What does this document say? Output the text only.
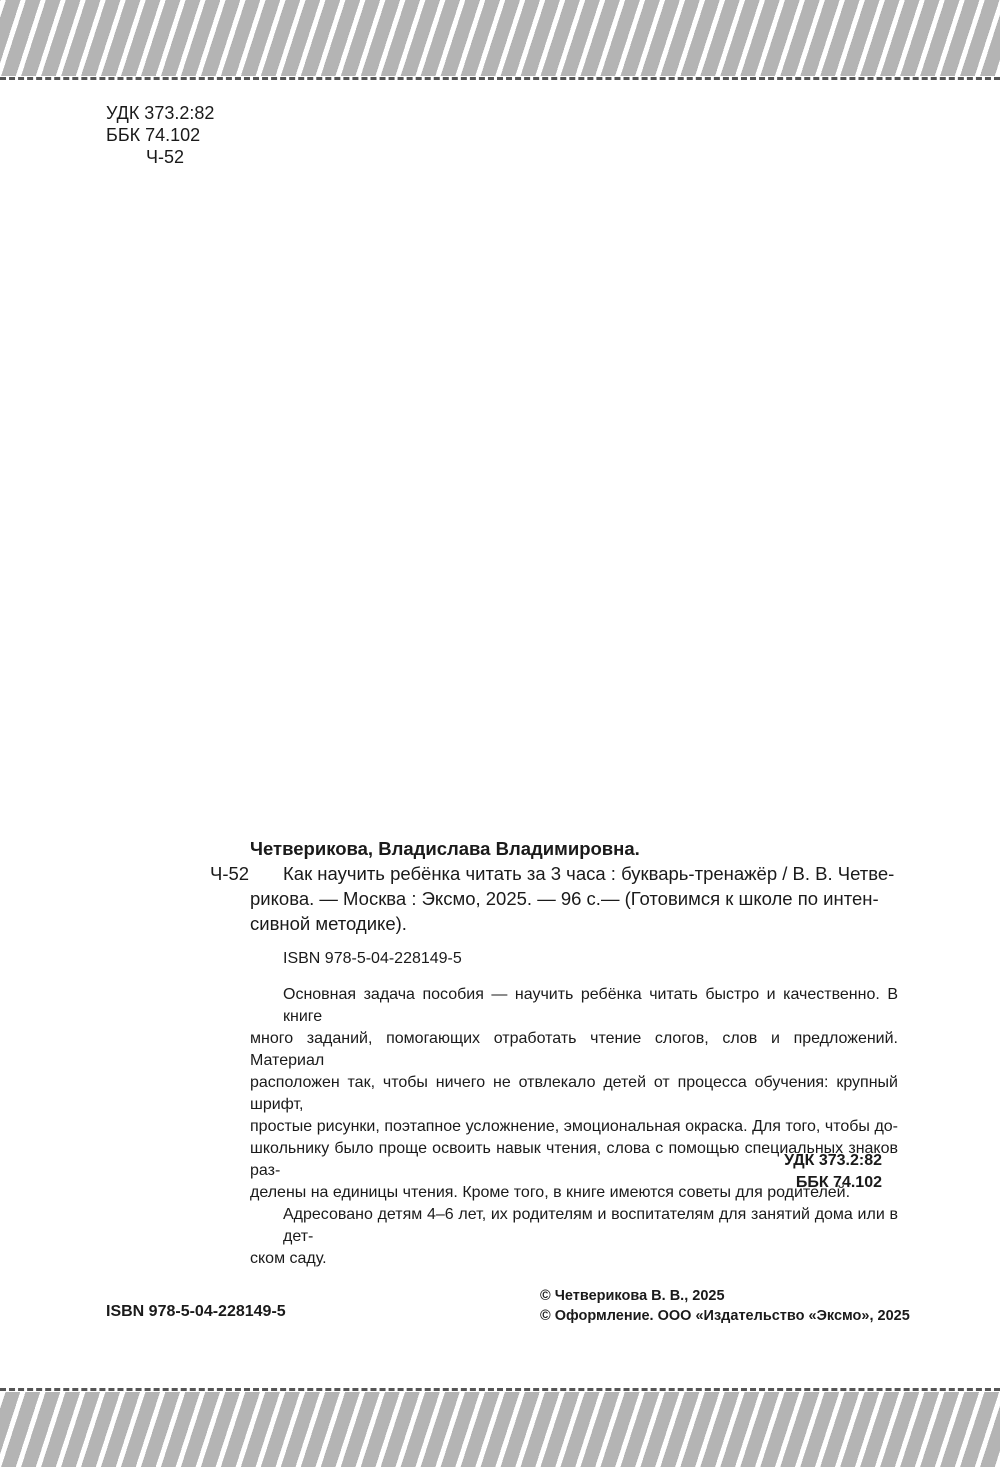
УДК 373.2:82
ББК 74.102
Ч-52
Ч-52
Четверикова, Владислава Владимировна.
Как научить ребёнка читать за 3 часа : букварь-тренажёр / В. В. Четве-
рикова. — Москва : Эксмо, 2025. — 96 с.— (Готовимся к школе по интен-
сивной методике).
ISBN 978-5-04-228149-5
Основная задача пособия — научить ребёнка читать быстро и качественно. В книге
много заданий, помогающих отработать чтение слогов, слов и предложений. Материал
расположен так, чтобы ничего не отвлекало детей от процесса обучения: крупный шрифт,
простые рисунки, поэтапное усложнение, эмоциональная окраска. Для того, чтобы до-
школьнику было проще освоить навык чтения, слова с помощью специальных знаков раз-
делены на единицы чтения. Кроме того, в книге имеются советы для родителей.
Адресовано детям 4–6 лет, их родителям и воспитателям для занятий дома или в дет-
ском саду.
УДК 373.2:82
ББК 74.102
ISBN 978-5-04-228149-5
© Четверикова В. В., 2025
© Оформление. ООО «Издательство «Эксмо», 2025
